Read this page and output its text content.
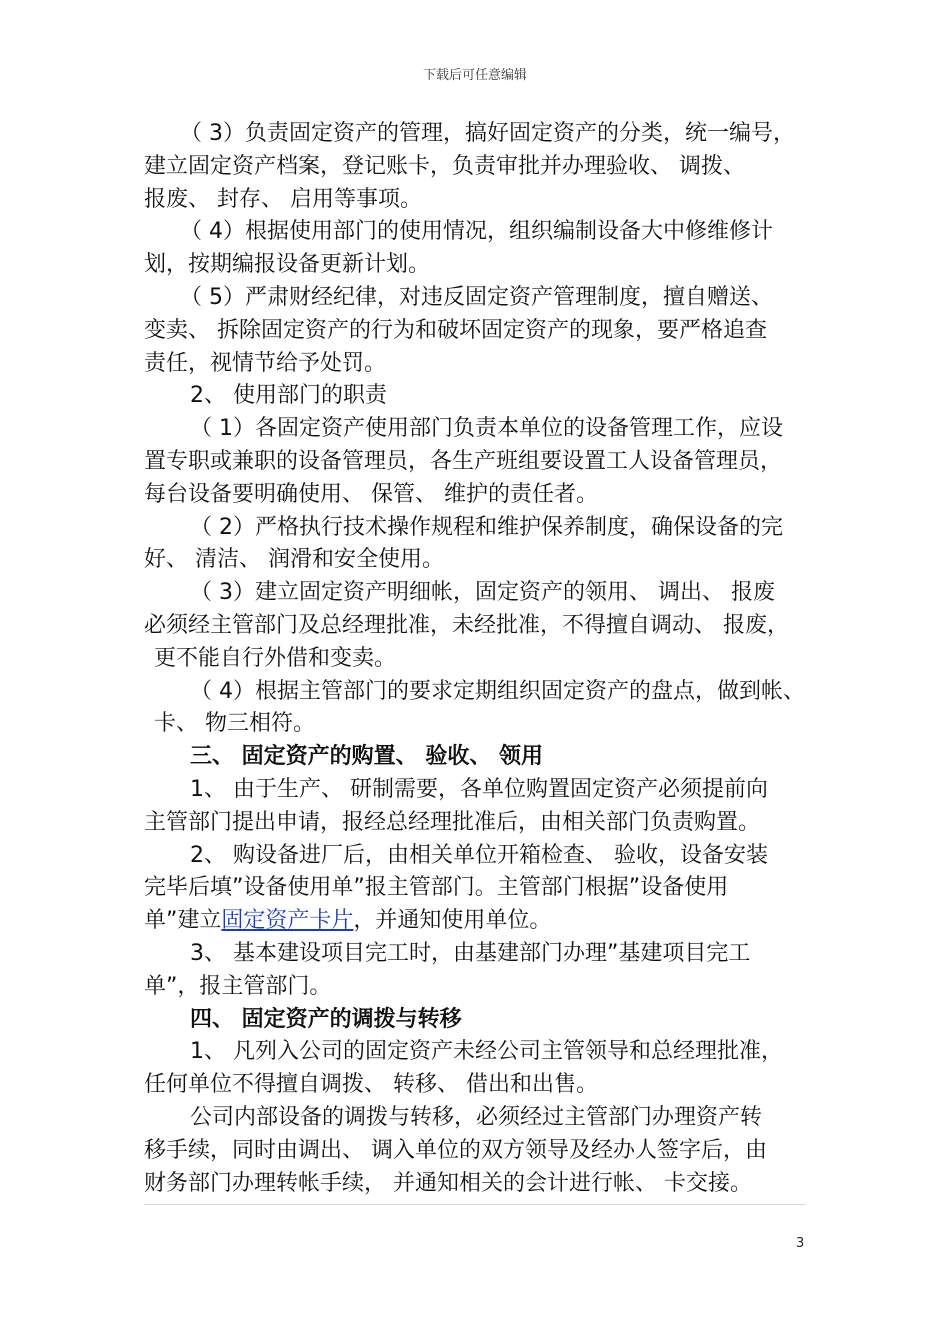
下载后可任意编辑
（ 3）负责固定资产的管理，搞好固定资产的分类，统一编号，
建立固定资产档案，登记账卡，负责审批并办理验收、 调拨、
报废、 封存、 启用等事项。
（ 4）根据使用部门的使用情况，组织编制设备大中修维修计
划，按期编报设备更新计划。
（ 5）严肃财经纪律，对违反固定资产管理制度，擅自赠送、
变卖、 拆除固定资产的行为和破坏固定资产的现象，要严格追查
责任，视情节给予处罚。
2、 使用部门的职责
（ 1）各固定资产使用部门负责本单位的设备管理工作，应设
置专职或兼职的设备管理员，各生产班组要设置工人设备管理员，
每台设备要明确使用、 保管、 维护的责任者。
（ 2）严格执行技术操作规程和维护保养制度，确保设备的完
好、 清洁、 润滑和安全使用。
（ 3）建立固定资产明细帐，固定资产的领用、 调出、 报废
必须经主管部门及总经理批准，未经批准，不得擅自调动、 报废，
更不能自行外借和变卖。
（ 4）根据主管部门的要求定期组织固定资产的盘点，做到帐、
卡、 物三相符。
三、 固定资产的购置、 验收、 领用
1、 由于生产、 研制需要，各单位购置固定资产必须提前向
主管部门提出申请，报经总经理批准后，由相关部门负责购置。
2、 购设备进厂后，由相关单位开箱检查、 验收，设备安装
完毕后填”设备使用单”报主管部门。主管部门根据”设备使用
单”建立固定资产卡片，并通知使用单位。
3、 基本建设项目完工时，由基建部门办理”基建项目完工
单”，报主管部门。
四、 固定资产的调拨与转移
1、 凡列入公司的固定资产未经公司主管领导和总经理批准，
任何单位不得擅自调拨、 转移、 借出和出售。
公司内部设备的调拨与转移，必须经过主管部门办理资产转
移手续，同时由调出、 调入单位的双方领导及经办人签字后，由
财务部门办理转帐手续， 并通知相关的会计进行帐、 卡交接。
3
